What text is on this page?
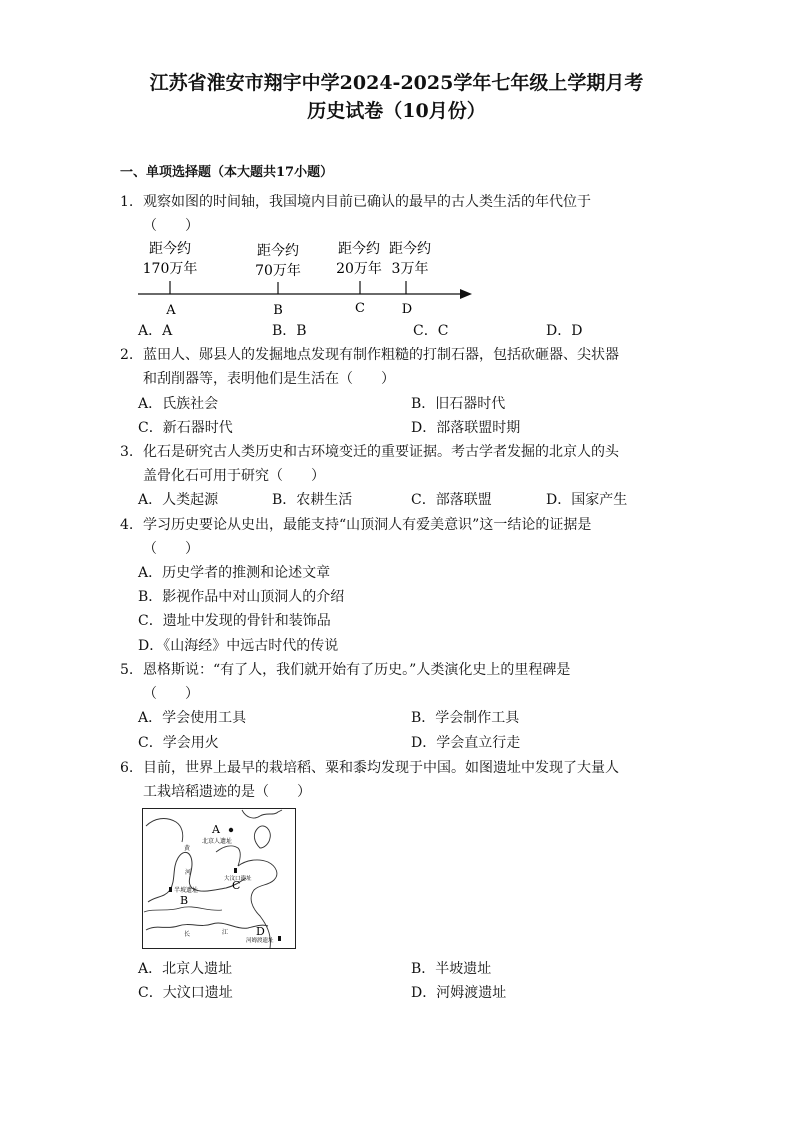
江苏省淮安市翔宇中学2024-2025学年七年级上学期月考
历史试卷（10月份）
一、单项选择题（本大题共17小题）
1. 观察如图的时间轴，我国境内目前已确认的最早的古人类生活的年代位于
（　　）
距今约
170万年
A
距今约
70万年
B
距今约
20万年
C
距今约
3万年
D
A．A	B．B	C．C	D．D
2. 蓝田人、郧县人的发掘地点发现有制作粗糙的打制石器，包括砍砸器、尖状器
和刮削器等，表明他们是生活在（　　）
A．氏族社会	B．旧石器时代
C．新石器时代	D．部落联盟时期
3. 化石是研究古人类历史和古环境变迁的重要证据。考古学者发掘的北京人的头
盖骨化石可用于研究（　　）
A．人类起源	B．农耕生活	C．部落联盟	D．国家产生
4. 学习历史要论从史出，最能支持“山顶洞人有爱美意识”这一结论的证据是
（　　）
A．历史学者的推测和论述文章
B．影视作品中对山顶洞人的介绍
C．遗址中发现的骨针和装饰品
D．《山海经》中远古时代的传说
5. 恩格斯说：“有了人，我们就开始有了历史。”人类演化史上的里程碑是
（　　）
A．学会使用工具	B．学会制作工具
C．学会用火	D．学会直立行走
6. 目前，世界上最早的栽培稻、粟和黍均发现于中国。如图遗址中发现了大量人
工栽培稻遗迹的是（　　）
黄
河
长	江
A
北京人遗址
半坡遗址
B
大汶口遗址
C
D
河姆渡遗址
A．北京人遗址	B．半坡遗址
C．大汶口遗址	D．河姆渡遗址
